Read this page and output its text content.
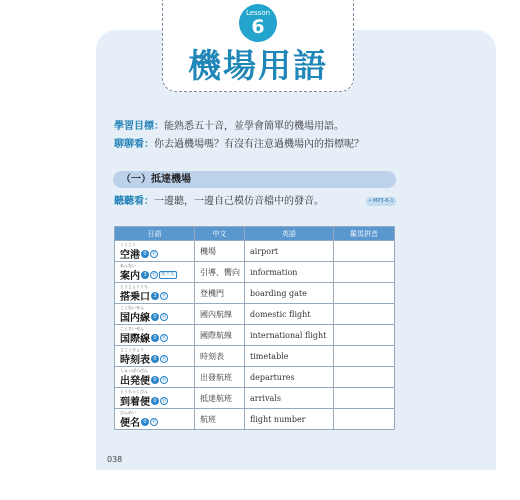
Lesson
6
機場用語
學習目標：能熟悉五十音，並學會簡單的機場用語。
聊聊看：你去過機場嗎？有沒有注意過機場內的指標呢？
（一）抵達機場
聽聽看：一邊聽，一邊自己模仿音檔中的發音。	• MP3-6-1
日語	中文	英語	羅馬拼音

くうこう
空港 0 名	機場	airport	

あんない
案内 3 名 他サ変	引導、嚮向	information	

とうじょうぐち
搭乗口 3 名	登機門	boarding gate	

こくないせん
国内線 0 名	國內航線	domestic flight	

こくさいせん
国際線 0 名	國際航線	international flight	

じこくひょう
時刻表 0 名	時刻表	timetable	

しゅっぱつびん
出発便 0 名	出發航班	departures	

とうちゃくびん
到着便 0 名	抵達航班	arrivals	

びんめい
便名 0 名	航班	flight number	
038
